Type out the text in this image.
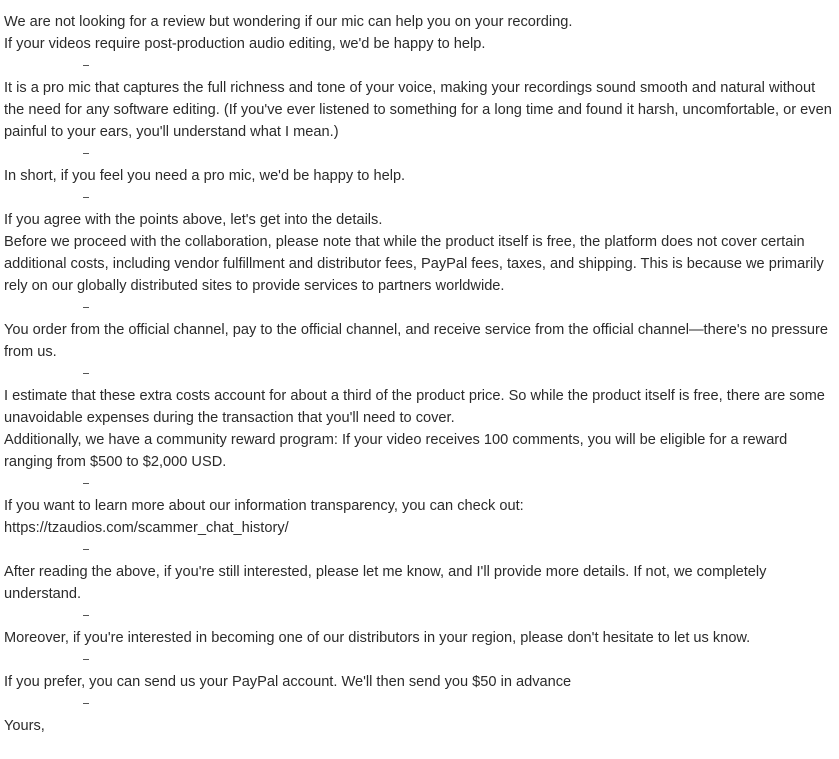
We are not looking for a review but wondering if our mic can help you on your recording.
If your videos require post-production audio editing, we'd be happy to help.

It is a pro mic that captures the full richness and tone of your voice, making your recordings sound smooth and natural without the need for any software editing. (If you've ever listened to something for a long time and found it harsh, uncomfortable, or even painful to your ears, you'll understand what I mean.)

In short, if you feel you need a pro mic, we'd be happy to help.

If you agree with the points above, let's get into the details.
Before we proceed with the collaboration, please note that while the product itself is free, the platform does not cover certain additional costs, including vendor fulfillment and distributor fees, PayPal fees, taxes, and shipping. This is because we primarily rely on our globally distributed sites to provide services to partners worldwide.

You order from the official channel, pay to the official channel, and receive service from the official channel—there's no pressure from us.

I estimate that these extra costs account for about a third of the product price. So while the product itself is free, there are some unavoidable expenses during the transaction that you'll need to cover.
Additionally, we have a community reward program: If your video receives 100 comments, you will be eligible for a reward ranging from $500 to $2,000 USD.

If you want to learn more about our information transparency, you can check out:
https://tzaudios.com/scammer_chat_history/

After reading the above, if you're still interested, please let me know, and I'll provide more details. If not, we completely understand.

Moreover, if you're interested in becoming one of our distributors in your region, please don't hesitate to let us know.

If you prefer, you can send us your PayPal account. We'll then send you $50 in advance

Yours,
